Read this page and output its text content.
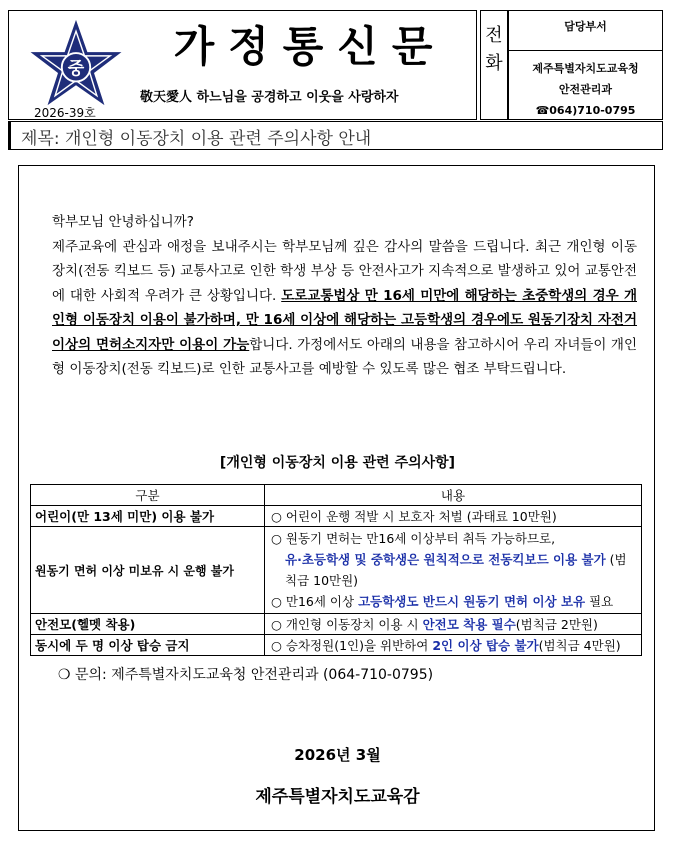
중	가정통신문
敬天愛人 하느님을 공경하고 이웃을 사랑하자
2026-39호
전화
담당부서
제주특별자치도교육청
안전관리과
☎064)710-0795
제목: 개인형 이동장치 이용 관련 주의사항 안내
학부모님 안녕하십니까?
제주교육에 관심과 애정을 보내주시는 학부모님께 깊은 감사의 말씀을 드립니다. 최근 개인형 이동장치(전동 킥보드 등) 교통사고로 인한 학생 부상 등 안전사고가 지속적으로 발생하고 있어 교통안전에 대한 사회적 우려가 큰 상황입니다. 도로교통법상 만 16세 미만에 해당하는 초중학생의 경우 개인형 이동장치 이용이 불가하며, 만 16세 이상에 해당하는 고등학생의 경우에도 원동기장치 자전거 이상의 면허소지자만 이용이 가능합니다. 가정에서도 아래의 내용을 참고하시어 우리 자녀들이 개인형 이동장치(전동 킥보드)로 인한 교통사고를 예방할 수 있도록 많은 협조 부탁드립니다.
[개인형 이동장치 이용 관련 주의사항]
구분	내용
어린이(만 13세 미만) 이용 불가	○ 어린이 운행 적발 시 보호자 처벌 (과태료 10만원)
원동기 면허 이상 미보유 시 운행 불가	○ 원동기 면허는 만16세 이상부터 취득 가능하므로,
유·초등학생 및 중학생은 원칙적으로 전동킥보드 이용 불가 (범칙금 10만원)
○ 만16세 이상 고등학생도 반드시 원동기 면허 이상 보유 필요

안전모(헬멧 착용)	○ 개인형 이동장치 이용 시 안전모 착용 필수(범칙금 2만원)
동시에 두 명 이상 탑승 금지	○ 승차정원(1인)을 위반하여 2인 이상 탑승 불가(범칙금 4만원)
❍ 문의: 제주특별자치도교육청 안전관리과 (064-710-0795)
2026년 3월
제주특별자치도교육감
